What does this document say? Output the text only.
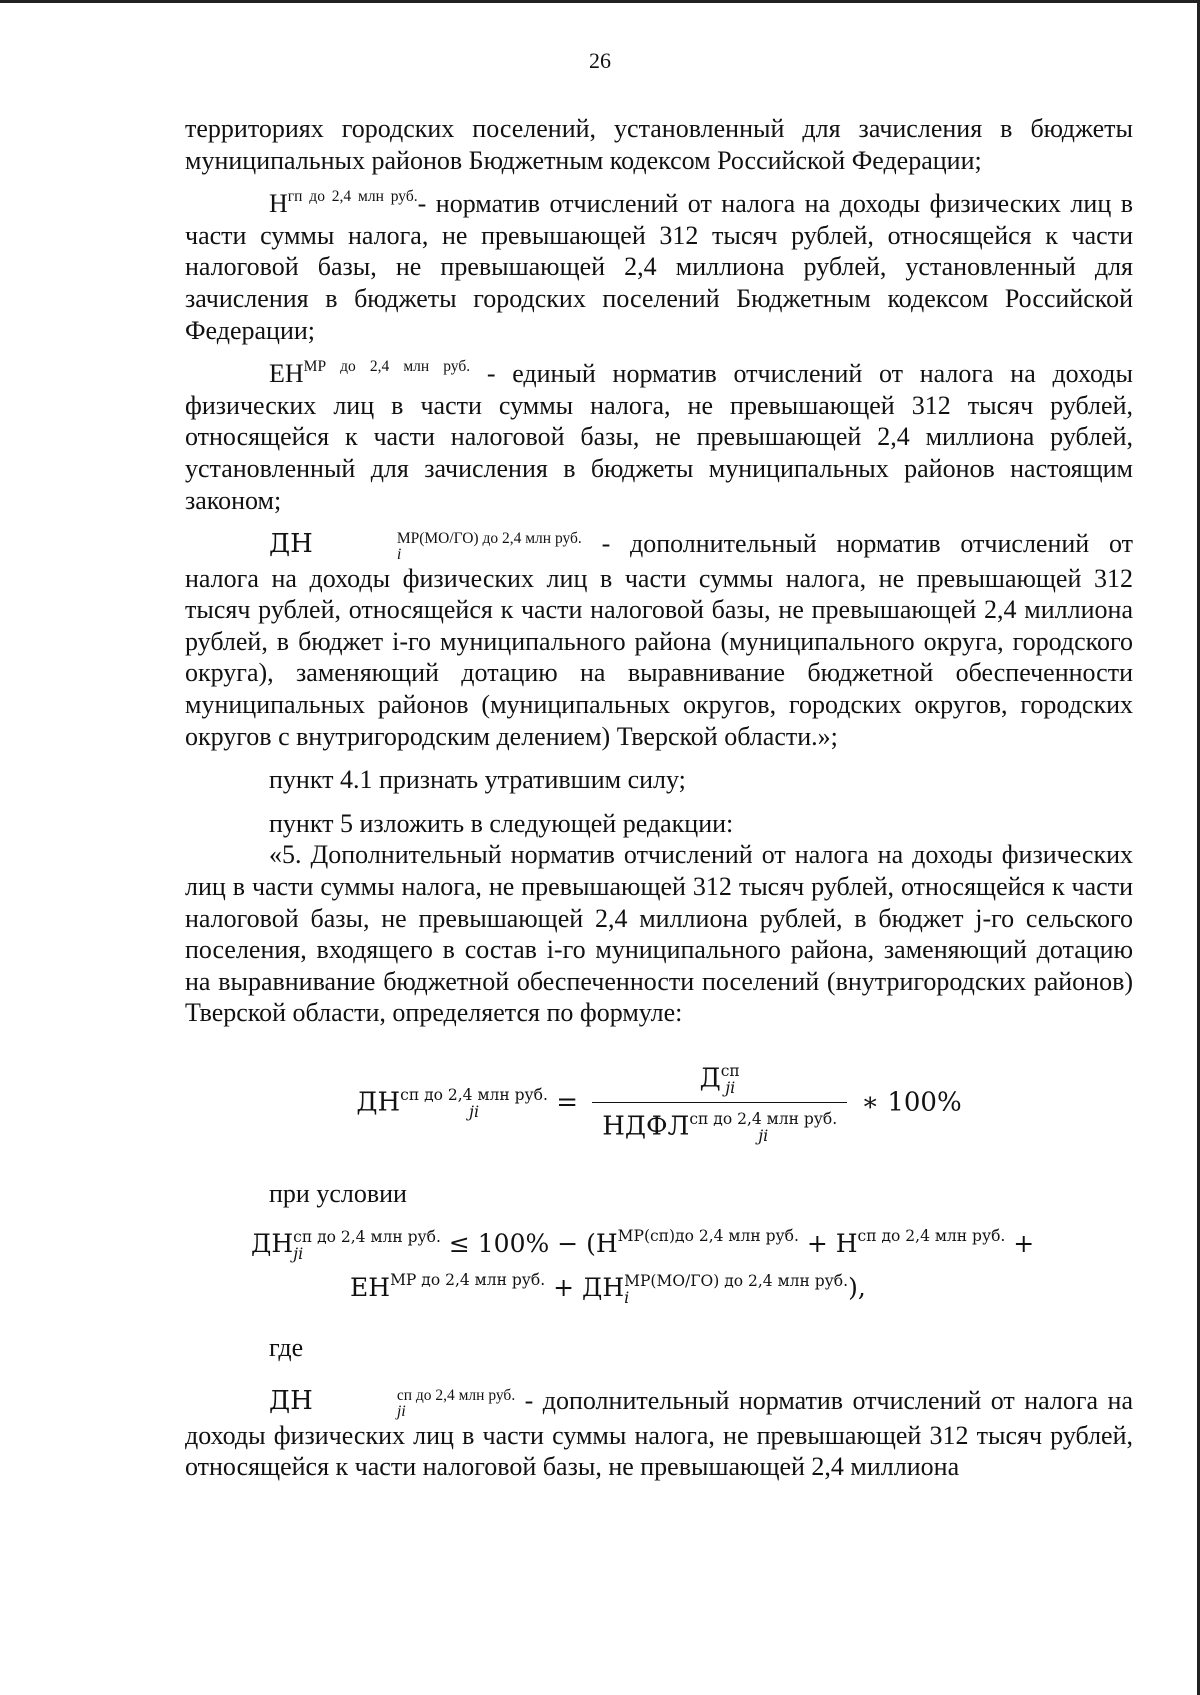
26

территориях городских поселений, установленный для зачисления в бюджеты муниципальных районов Бюджетным кодексом Российской Федерации;

$Н^{гп до 2,4 млн руб.}-$ норматив отчислений от налога на доходы физических лиц в части суммы налога, не превышающей 312 тысяч рублей, относящейся к части налоговой базы, не превышающей 2,4 миллиона рублей, установленный для зачисления в бюджеты городских поселений Бюджетным кодексом Российской Федерации;

$ЕН^{МР до 2,4 млн руб.}$ - единый норматив отчислений от налога на доходы физических лиц в части суммы налога, не превышающей 312 тысяч рублей, относящейся к части налоговой базы, не превышающей 2,4 миллиона рублей, установленный для зачисления в бюджеты муниципальных районов настоящим законом;

ДН	МР(МО/ГО) до 2,4 млн руб.
i	- дополнительный норматив отчислений от налога на доходы физических лиц в части суммы налога, не превышающей 312 тысяч рублей, относящейся к части налоговой базы, не превышающей 2,4 миллиона рублей, в бюджет i-го муниципального района (муниципального округа, городского округа), заменяющий дотацию на выравнивание бюджетной обеспеченности муниципальных районов (муниципальных округов, городских округов, городских округов с внутригородским делением) Тверской области.»;

пункт 4.1 признать утратившим силу;

пункт 5 изложить в следующей редакции:

«5. Дополнительный норматив отчислений от налога на доходы физических лиц в части суммы налога, не превышающей 312 тысяч рублей, относящейся к части налоговой базы, не превышающей 2,4 миллиона рублей, в бюджет j-го сельского поселения, входящего в состав i-го муниципального района, заменяющий дотацию на выравнивание бюджетной обеспеченности поселений (внутригородских районов) Тверской области, определяется по формуле:

ДН сп до 2,4 млн руб.
ji	= Д сп
ji
НДФЛ сп до 2,4 млн руб.
ji ∗ 100%

при условии

ДН сп до 2,4 млн руб.
ji	≤ $100\% - (Н^{МР(сп)до 2,4 млн руб.} + Н^{сп до 2,4 млн руб.}$ +
$ЕН^{МР до 2,4 млн руб.}$ + ДН МР(МО/ГО) до 2,4 млн руб.
i	),

где

ДН	сп до 2,4 млн руб.
ji	- дополнительный норматив отчислений от налога на доходы физических лиц в части суммы налога, не превышающей 312 тысяч рублей, относящейся к части налоговой базы, не превышающей 2,4 миллиона
